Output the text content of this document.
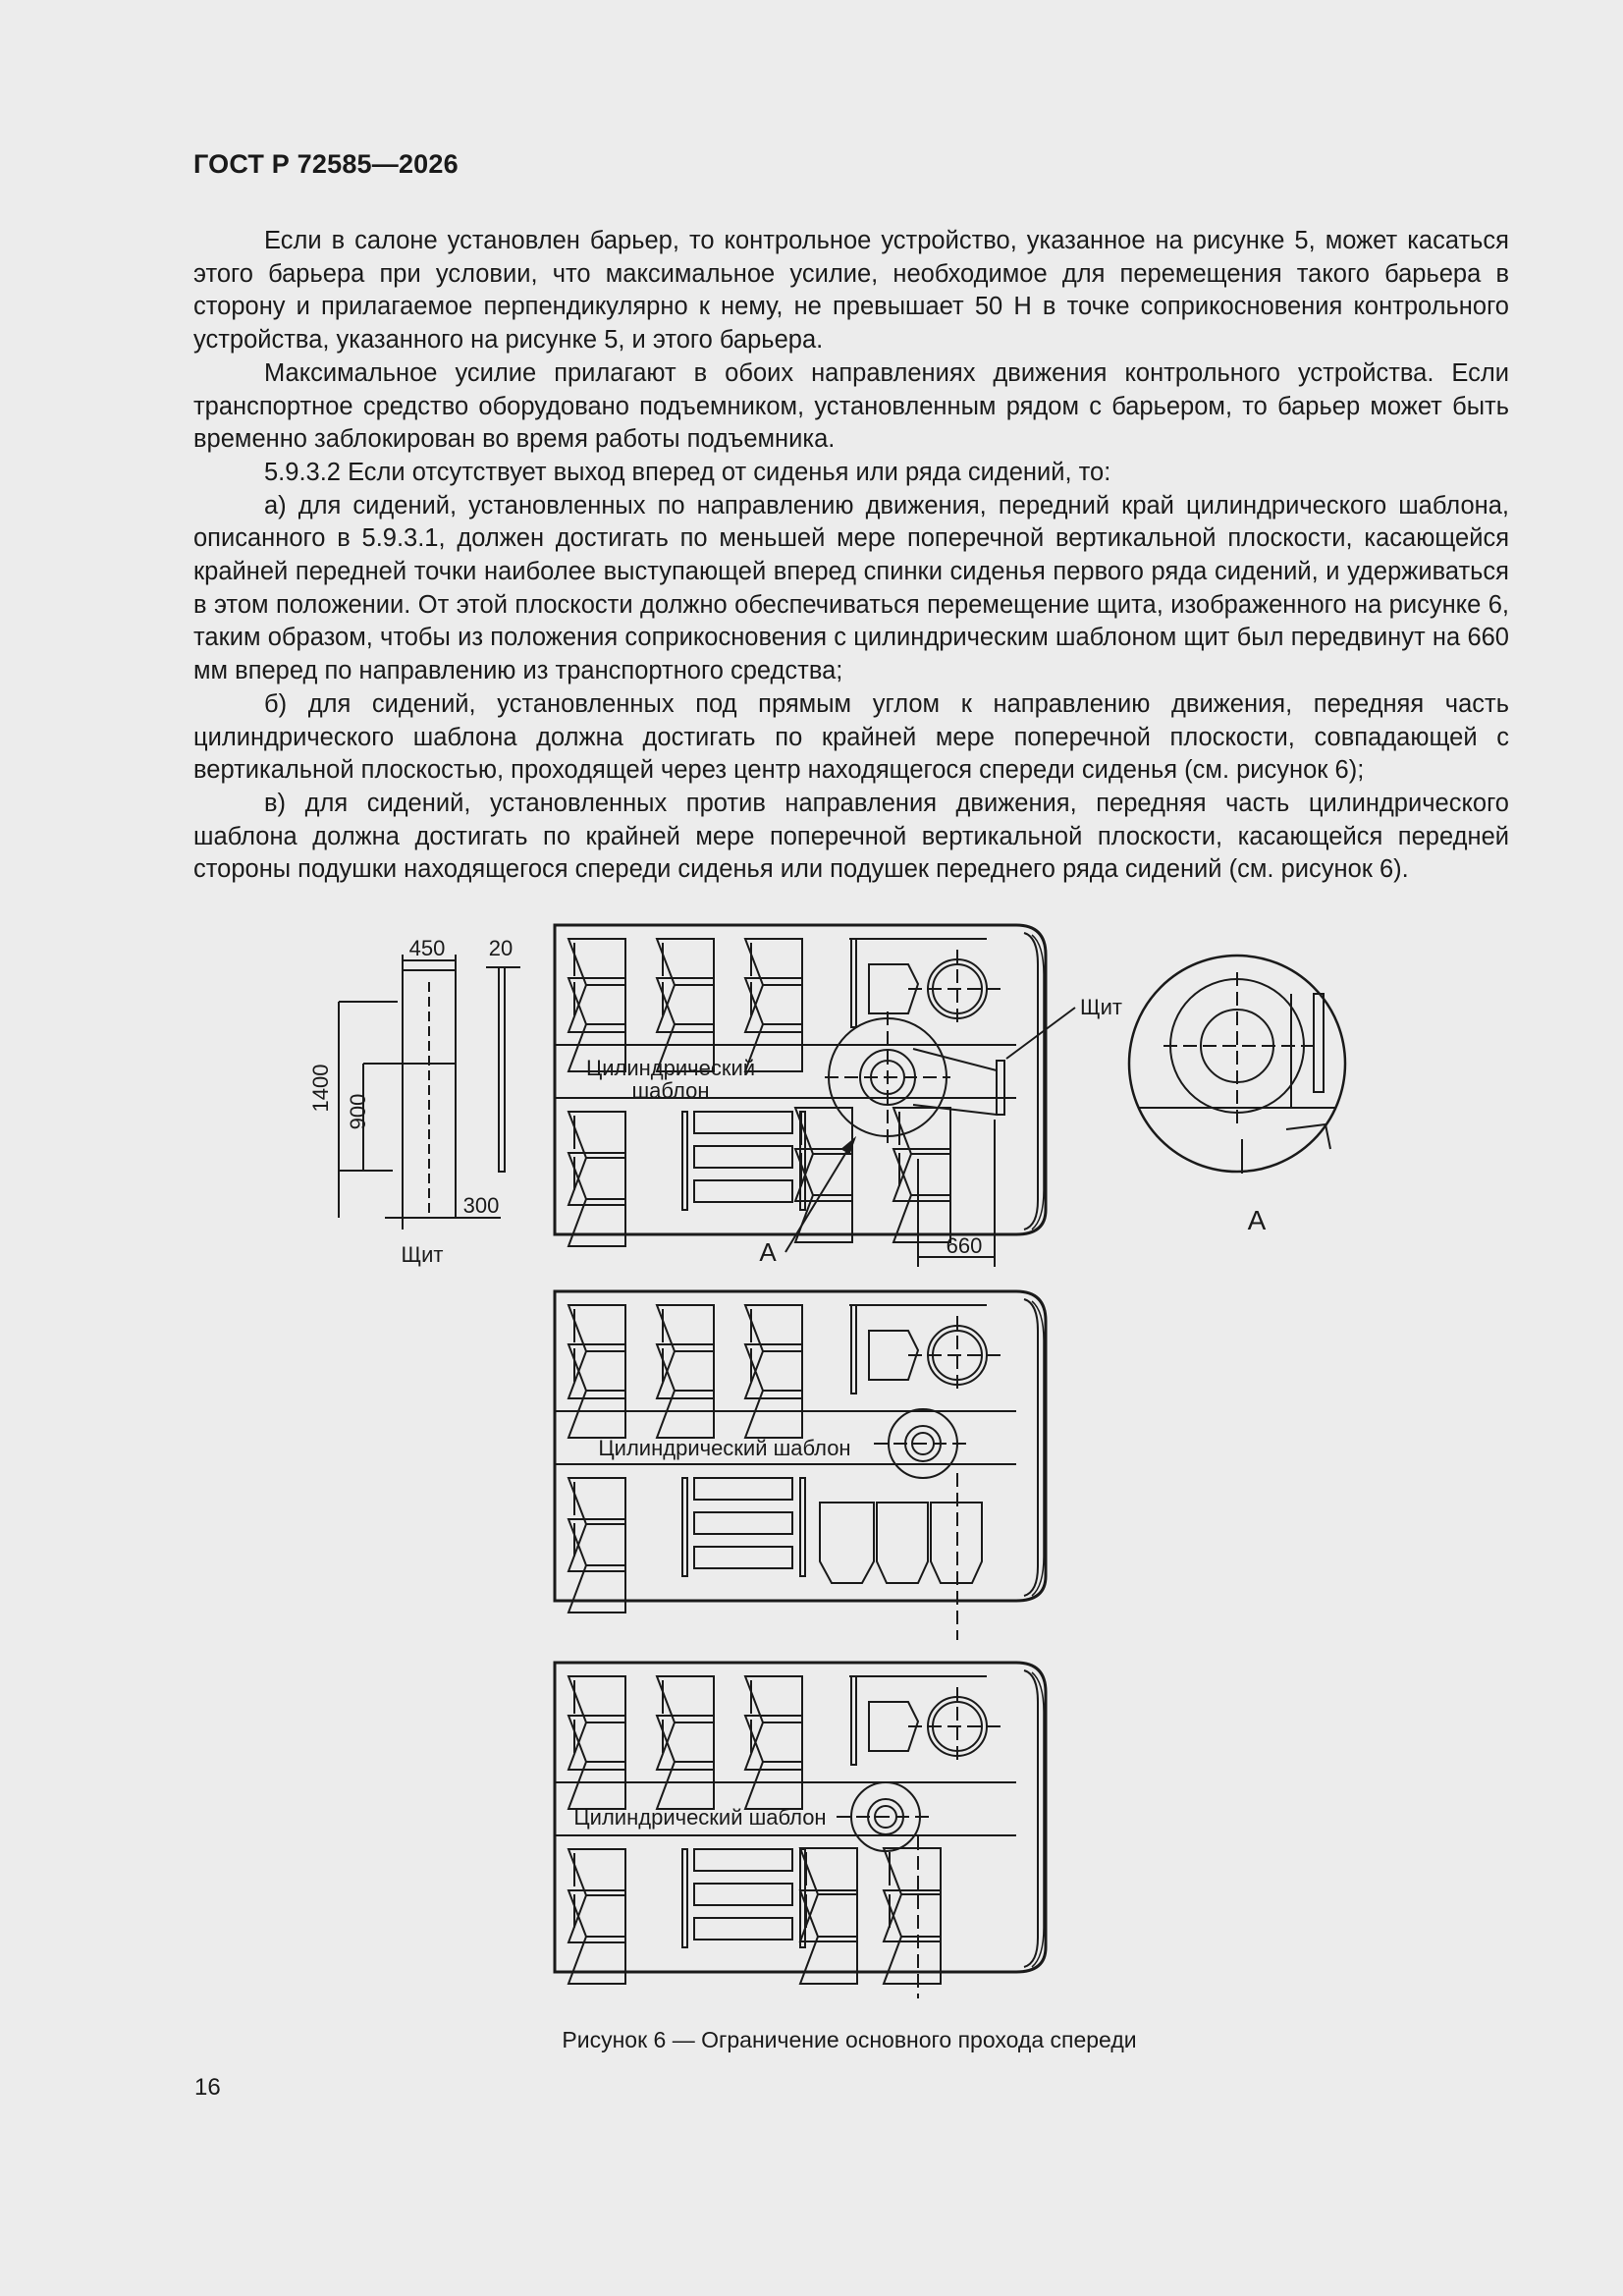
ГОСТ Р 72585—2026

Если в салоне установлен барьер, то контрольное устройство, указанное на рисунке 5, может касаться этого барьера при условии, что максимальное усилие, необходимое для перемещения такого барьера в сторону и прилагаемое перпендикулярно к нему, не превышает 50 Н в точке соприкосновения контрольного устройства, указанного на рисунке 5, и этого барьера.

Максимальное усилие прилагают в обоих направлениях движения контрольного устройства. Если транспортное средство оборудовано подъемником, установленным рядом с барьером, то барьер может быть временно заблокирован во время работы подъемника.

5.9.3.2 Если отсутствует выход вперед от сиденья или ряда сидений, то:

а) для сидений, установленных по направлению движения, передний край цилиндрического шаблона, описанного в 5.9.3.1, должен достигать по меньшей мере поперечной вертикальной плоскости, касающейся крайней передней точки наиболее выступающей вперед спинки сиденья первого ряда сидений, и удерживаться в этом положении. От этой плоскости должно обеспечиваться перемещение щита, изображенного на рисунке 6, таким образом, чтобы из положения соприкосновения с цилиндрическим шаблоном щит был передвинут на 660 мм вперед по направлению из транспортного средства;

б) для сидений, установленных под прямым углом к направлению движения, передняя часть цилиндрического шаблона должна достигать по крайней мере поперечной плоскости, совпадающей с вертикальной плоскостью, проходящей через центр находящегося спереди сиденья (см. рисунок 6);

в) для сидений, установленных против направления движения, передняя часть цилиндрического шаблона должна достигать по крайней мере поперечной вертикальной плоскости, касающейся передней стороны подушки находящегося спереди сиденья или подушек переднего ряда сидений (см. рисунок 6).

450 20
1400 900
300
Щит
Щит
Цилиндрический
шаблон
А	660
А
Цилиндрический шаблон
Цилиндрический шаблон
Рисунок 6 — Ограничение основного прохода спереди
16
